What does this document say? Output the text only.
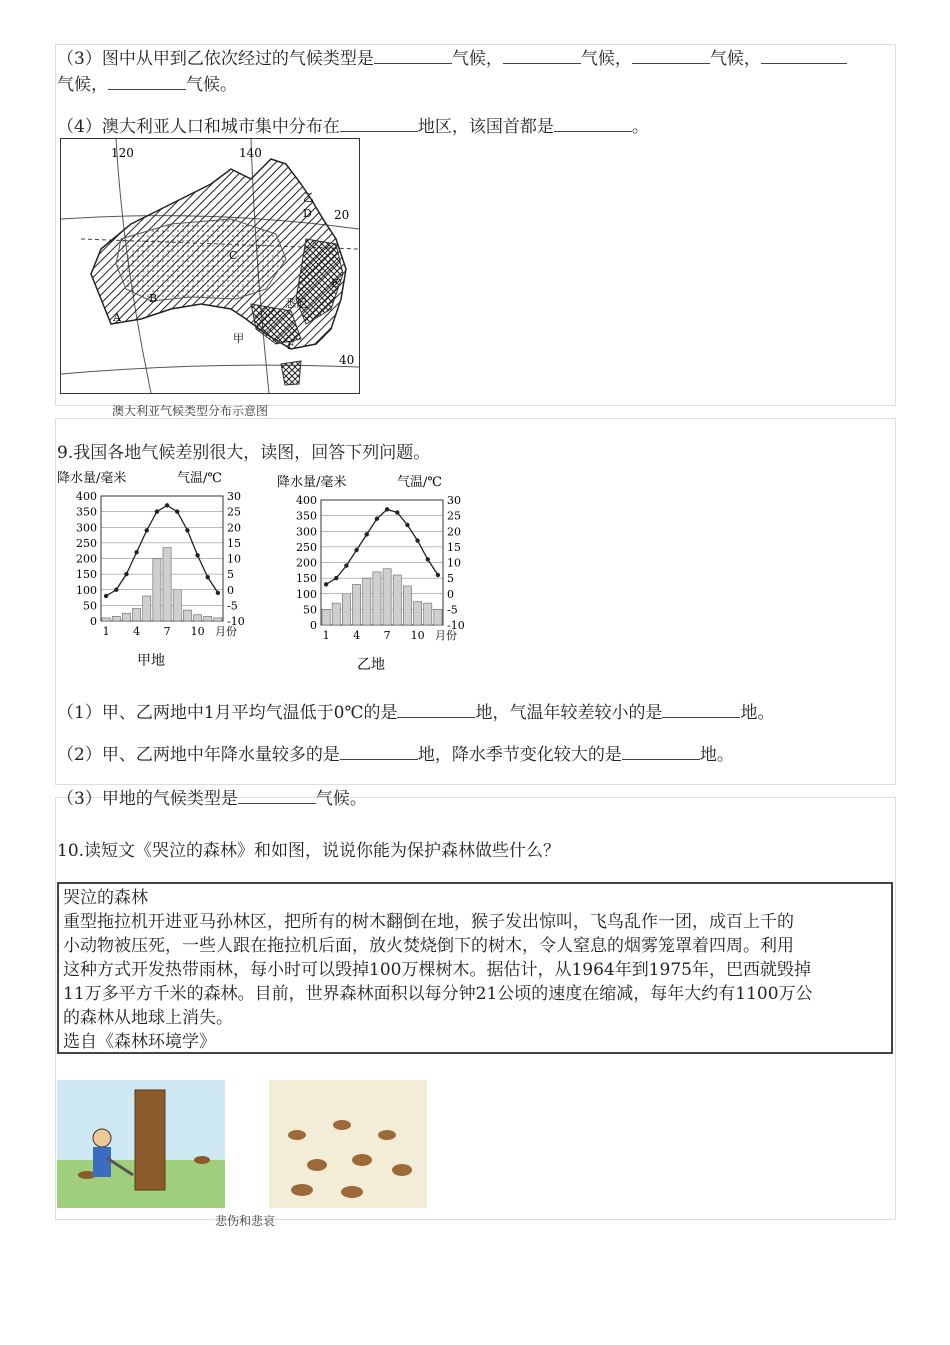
（3）图中从甲到乙依次经过的气候类型是	气候，	气候，	气候，
气候，	气候。
（4）澳大利亚人口和城市集中分布在	地区，该国首都是	。
120	140
20
40
A
B
C
D
E
F
甲
乙
悉尼
澳大利亚气候类型分布示意图
9.我国各地气候差别很大，读图，回答下列问题。
降水量/毫米	气温/℃
0
50
100
150
200
250
300
350
400
-10
-5
0
5
10
15
20
25
30
1 4 7 10 月份
甲地
降水量/毫米	气温/℃
0
50
100
150
200
250
300
350
400
-10
-5
0
5
10
15
20
25
30
1 4 7 10 月份
乙地
（1）甲、乙两地中1月平均气温低于0℃的是	地，气温年较差较小的是	地。
（2）甲、乙两地中年降水量较多的是	地，降水季节变化较大的是	地。
（3）甲地的气候类型是	气候。
10.读短文《哭泣的森林》和如图，说说你能为保护森林做些什么？

哭泣的森林

重型拖拉机开进亚马孙林区，把所有的树木翻倒在地，猴子发出惊叫，飞鸟乱作一团，成百上千的

小动物被压死，一些人跟在拖拉机后面，放火焚烧倒下的树木，令人窒息的烟雾笼罩着四周。利用

这种方式开发热带雨林，每小时可以毁掉100万棵树木。据估计，从1964年到1975年，巴西就毁掉

11万多平方千米的森林。目前，世界森林面积以每分钟21公顷的速度在缩减，每年大约有1100万公

的森林从地球上消失。

选自《森林环境学》

悲伤和悲哀
